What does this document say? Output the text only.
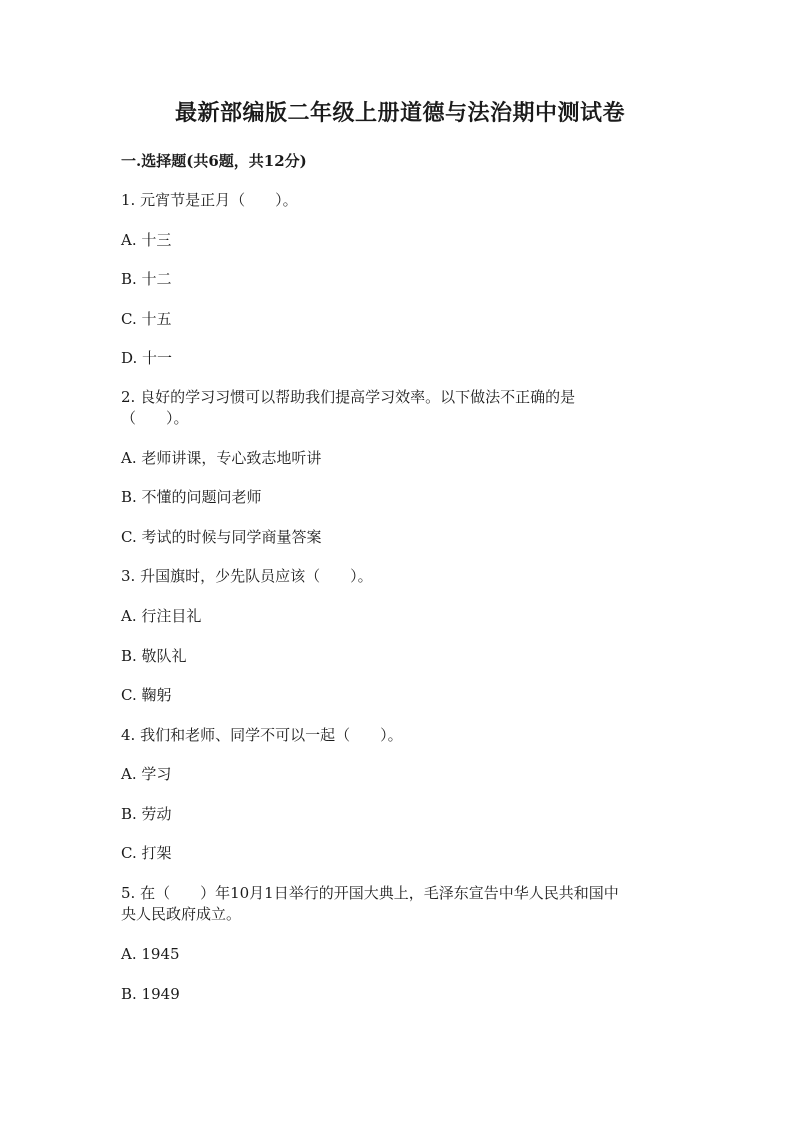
最新部编版二年级上册道德与法治期中测试卷
一.选择题(共6题，共12分)
1. 元宵节是正月（　　）。
A. 十三
B. 十二
C. 十五
D. 十一
2. 良好的学习习惯可以帮助我们提高学习效率。以下做法不正确的是
（　　）。
A. 老师讲课，专心致志地听讲
B. 不懂的问题问老师
C. 考试的时候与同学商量答案
3. 升国旗时，少先队员应该（　　）。
A. 行注目礼
B. 敬队礼
C. 鞠躬
4. 我们和老师、同学不可以一起（　　）。
A. 学习
B. 劳动
C. 打架
5. 在（　　）年10月1日举行的开国大典上，毛泽东宣告中华人民共和国中
央人民政府成立。
A. 1945
B. 1949
